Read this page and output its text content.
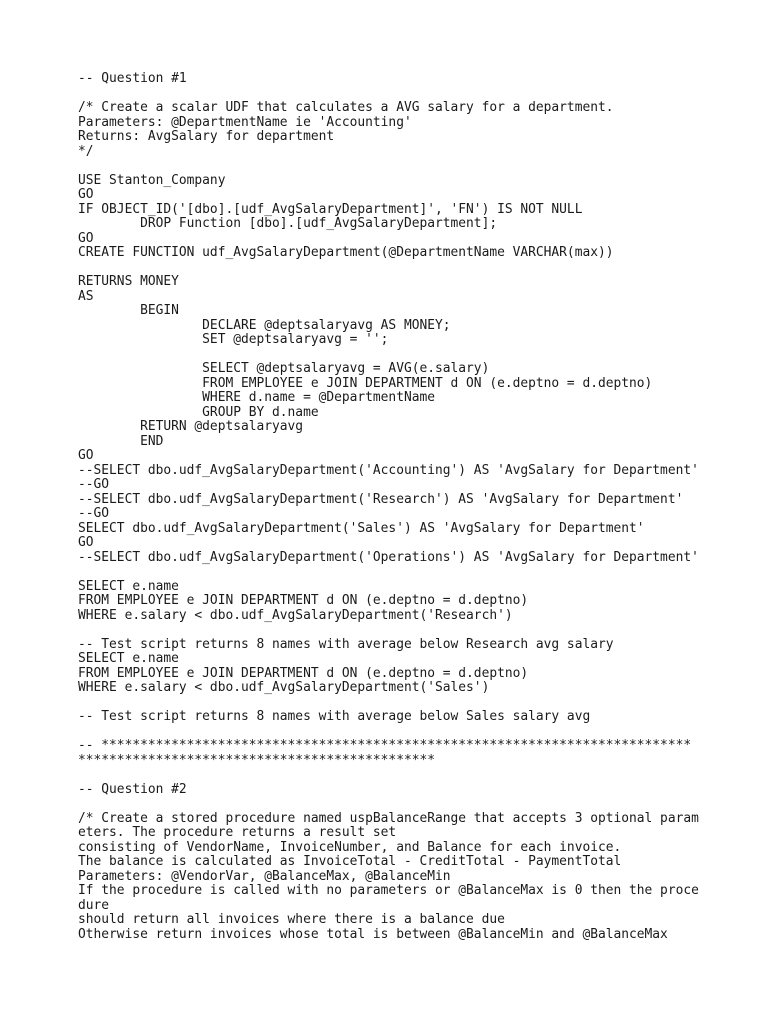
-- Question #1
/* Create a scalar UDF that calculates a AVG salary for a department.
Parameters: @DepartmentName ie 'Accounting'
Returns: AvgSalary for department
*/
USE Stanton_Company
GO
IF OBJECT_ID('[dbo].[udf_AvgSalaryDepartment]', 'FN') IS NOT NULL
DROP Function [dbo].[udf_AvgSalaryDepartment];
GO
CREATE FUNCTION udf_AvgSalaryDepartment(@DepartmentName VARCHAR(max))
RETURNS MONEY
AS
BEGIN
DECLARE @deptsalaryavg AS MONEY;
SET @deptsalaryavg = '';
SELECT @deptsalaryavg = AVG(e.salary)
FROM EMPLOYEE e JOIN DEPARTMENT d ON (e.deptno = d.deptno)
WHERE d.name = @DepartmentName
GROUP BY d.name
RETURN @deptsalaryavg
END
GO
--SELECT dbo.udf_AvgSalaryDepartment('Accounting') AS 'AvgSalary for Department'
--GO
--SELECT dbo.udf_AvgSalaryDepartment('Research') AS 'AvgSalary for Department'
--GO
SELECT dbo.udf_AvgSalaryDepartment('Sales') AS 'AvgSalary for Department'
GO
--SELECT dbo.udf_AvgSalaryDepartment('Operations') AS 'AvgSalary for Department'
SELECT e.name
FROM EMPLOYEE e JOIN DEPARTMENT d ON (e.deptno = d.deptno)
WHERE e.salary < dbo.udf_AvgSalaryDepartment('Research')
-- Test script returns 8 names with average below Research avg salary
SELECT e.name
FROM EMPLOYEE e JOIN DEPARTMENT d ON (e.deptno = d.deptno)
WHERE e.salary < dbo.udf_AvgSalaryDepartment('Sales')
-- Test script returns 8 names with average below Sales salary avg
-- ****************************************************************************
**********************************************
-- Question #2
/* Create a stored procedure named uspBalanceRange that accepts 3 optional param
eters. The procedure returns a result set
consisting of VendorName, InvoiceNumber, and Balance for each invoice.
The balance is calculated as InvoiceTotal - CreditTotal - PaymentTotal
Parameters: @VendorVar, @BalanceMax, @BalanceMin
If the procedure is called with no parameters or @BalanceMax is 0 then the proce
dure
should return all invoices where there is a balance due
Otherwise return invoices whose total is between @BalanceMin and @BalanceMax
